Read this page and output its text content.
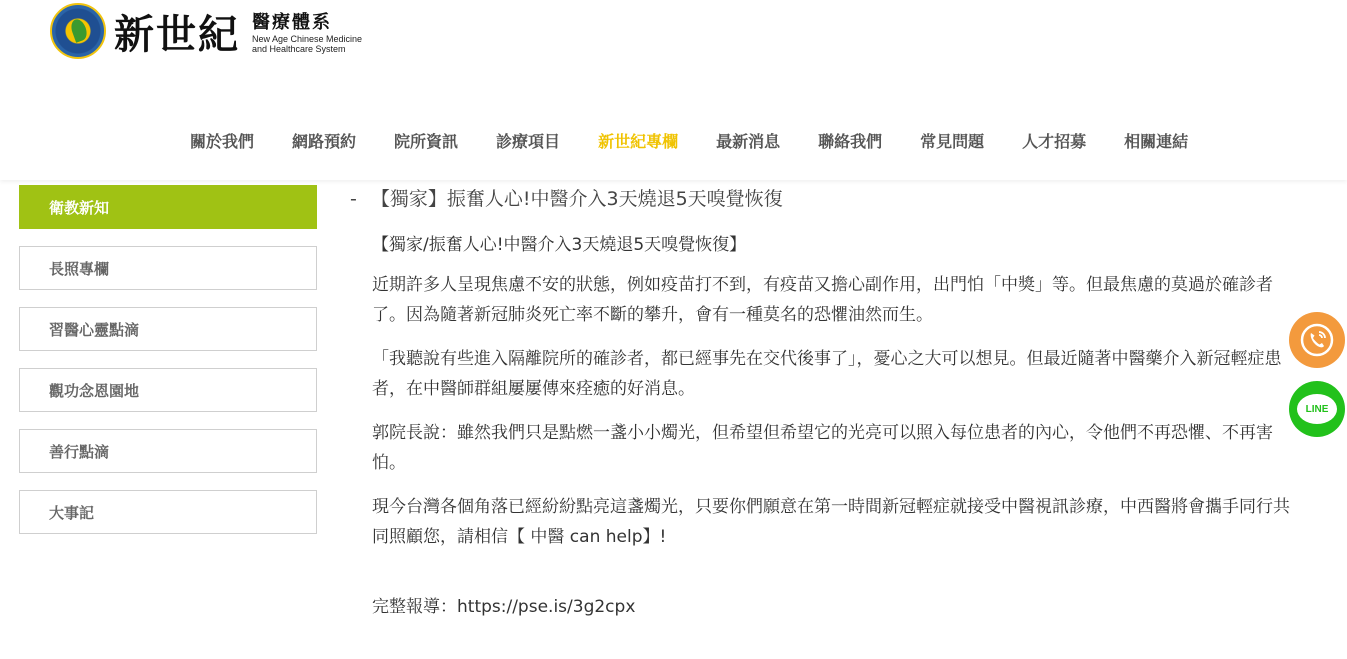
新世紀 醫療體系
New Age Chinese Medicine
and Healthcare System
關於我們	網路預約	院所資訊	診療項目	新世紀專欄	最新消息	聯絡我們	常見問題	人才招募	相關連結
衛教新知
長照專欄
習醫心靈點滴
觀功念恩園地
善行點滴
大事記
- 【獨家】振奮人心!中醫介入3天燒退5天嗅覺恢復

【獨家/振奮人心!中醫介入3天燒退5天嗅覺恢復】

近期許多人呈現焦慮不安的狀態，例如疫苗打不到，有疫苗又擔心副作用，出門怕「中獎」等。但最焦慮的莫過於確診者了。因為隨著新冠肺炎死亡率不斷的攀升，會有一種莫名的恐懼油然而生。

「我聽說有些進入隔離院所的確診者，都已經事先在交代後事了」，憂心之大可以想見。但最近隨著中醫藥介入新冠輕症患者，在中醫師群組屢屢傳來痊癒的好消息。

郭院長說：雖然我們只是點燃一盞小小燭光，但希望但希望它的光亮可以照入每位患者的內心，令他們不再恐懼、不再害怕。

現今台灣各個角落已經紛紛點亮這盞燭光，只要你們願意在第一時間新冠輕症就接受中醫視訊診療，中西醫將會攜手同行共同照顧您，請相信【 中醫 can help】!

完整報導：https://pse.is/3g2cpx

LINE
